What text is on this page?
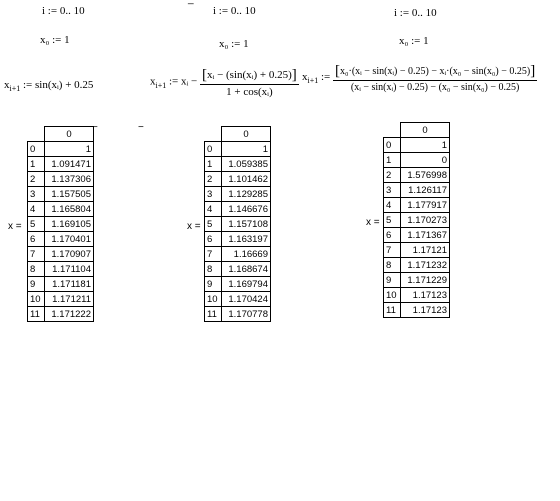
−	−
i := 0.. 10
x₀ := 1
$x_{i+1}$ := sin(xᵢ) + 0.25
x =
	0
0	1
1	1.091471
2	1.137306
3	1.157505
4	1.165804
5	1.169105
6	1.170401
7	1.170907
8	1.171104
9	1.171181
10	1.171211
11	1.171222
i := 0.. 10
x₀ := 1
$x_{i+1}$ := xᵢ − $\frac{\text{[xᵢ − (sin(xᵢ) + 0.25)]}}{\text{1 + cos(xᵢ)}}$
x =
	0
0	1
1	1.059385
2	1.101462
3	1.129285
4	1.146676
5	1.157108
6	1.163197
7	1.16669
8	1.168674
9	1.169794
10	1.170424
11	1.170778
i := 0.. 10
x₀ := 1
$x_{i+1}$ := $\frac{\text{[x₀·(xᵢ − sin(xᵢ) − 0.25) − xᵢ·(x₀ − sin(x₀) − 0.25)]}}{\text{(xᵢ − sin(xᵢ) − 0.25) − (x₀ − sin(x₀) − 0.25)}}$
x =
	0
0	1
1	0
2	1.576998
3	1.126117
4	1.177917
5	1.170273
6	1.171367
7	1.17121
8	1.171232
9	1.171229
10	1.17123
11	1.17123
